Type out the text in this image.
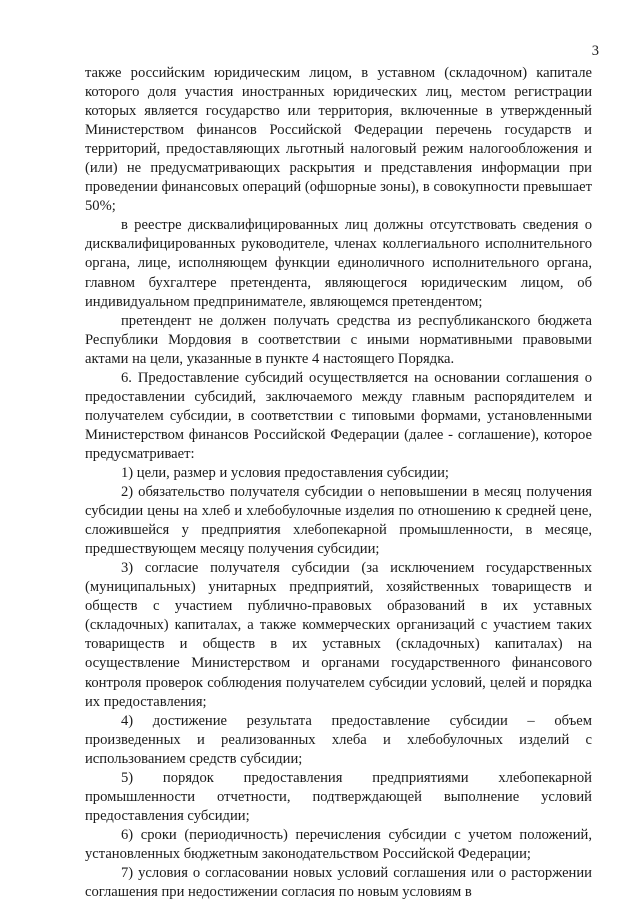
3

также российским юридическим лицом, в уставном (складочном) капитале которого доля участия иностранных юридических лиц, местом регистрации которых является государство или территория, включенные в утвержденный Министерством финансов Российской Федерации перечень государств и территорий, предоставляющих льготный налоговый режим налогообложения и (или) не предусматривающих раскрытия и представления информации при проведении финансовых операций (офшорные зоны), в совокупности превышает 50%;

в реестре дисквалифицированных лиц должны отсутствовать сведения о дисквалифицированных руководителе, членах коллегиального исполнительного органа, лице, исполняющем функции единоличного исполнительного органа, главном бухгалтере претендента, являющегося юридическим лицом, об индивидуальном предпринимателе, являющемся претендентом;

претендент не должен получать средства из республиканского бюджета Республики Мордовия в соответствии с иными нормативными правовыми актами на цели, указанные в пункте 4 настоящего Порядка.

6. Предоставление субсидий осуществляется на основании соглашения о предоставлении субсидий, заключаемого между главным распорядителем и получателем субсидии, в соответствии с типовыми формами, установленными Министерством финансов Российской Федерации (далее - соглашение), которое предусматривает:

1) цели, размер и условия предоставления субсидии;

2) обязательство получателя субсидии о неповышении в месяц получения субсидии цены на хлеб и хлебобулочные изделия по отношению к средней цене, сложившейся у предприятия хлебопекарной промышленности, в месяце, предшествующем месяцу получения субсидии;

3) согласие получателя субсидии (за исключением государственных (муниципальных) унитарных предприятий, хозяйственных товариществ и обществ с участием публично-правовых образований в их уставных (складочных) капиталах, а также коммерческих организаций с участием таких товариществ и обществ в их уставных (складочных) капиталах) на осуществление Министерством и органами государственного финансового контроля проверок соблюдения получателем субсидии условий, целей и порядка их предоставления;

4) достижение результата предоставление субсидии – объем произведенных и реализованных хлеба и хлебобулочных изделий с использованием средств субсидии;

5) порядок предоставления предприятиями хлебопекарной промышленности отчетности, подтверждающей выполнение условий предоставления субсидии;

6) сроки (периодичность) перечисления субсидии с учетом положений, установленных бюджетным законодательством Российской Федерации;

7) условия о согласовании новых условий соглашения или о расторжении соглашения при недостижении согласия по новым условиям в
